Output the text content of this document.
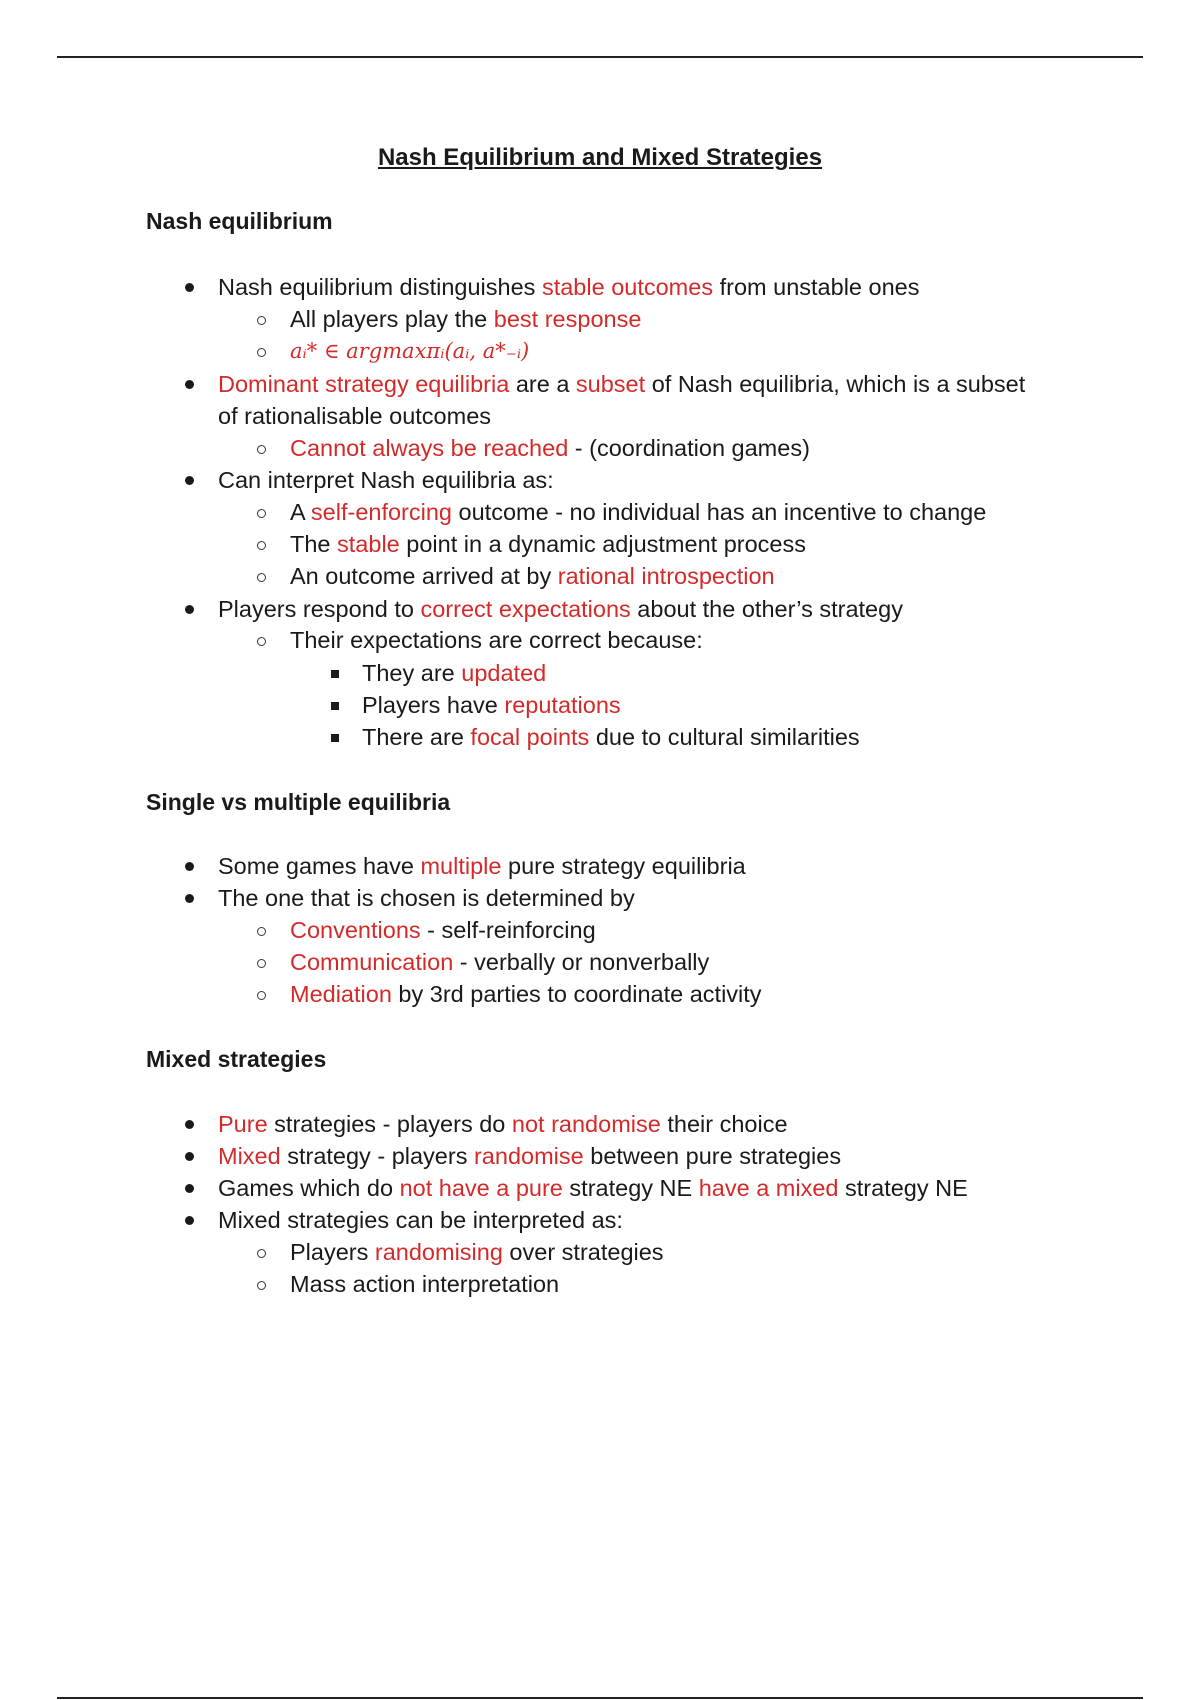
Nash Equilibrium and Mixed Strategies
Nash equilibrium
Nash equilibrium distinguishes stable outcomes from unstable ones
All players play the best response
aᵢ* ∈ argmaxπᵢ(aᵢ, a*₋ᵢ)
Dominant strategy equilibria are a subset of Nash equilibria, which is a subset
of rationalisable outcomes
Cannot always be reached - (coordination games)
Can interpret Nash equilibria as:
A self-enforcing outcome - no individual has an incentive to change
The stable point in a dynamic adjustment process
An outcome arrived at by rational introspection
Players respond to correct expectations about the other’s strategy
Their expectations are correct because:
They are updated
Players have reputations
There are focal points due to cultural similarities
Single vs multiple equilibria
Some games have multiple pure strategy equilibria
The one that is chosen is determined by
Conventions - self-reinforcing
Communication - verbally or nonverbally
Mediation by 3rd parties to coordinate activity
Mixed strategies
Pure strategies - players do not randomise their choice
Mixed strategy - players randomise between pure strategies
Games which do not have a pure strategy NE have a mixed strategy NE
Mixed strategies can be interpreted as:
Players randomising over strategies
Mass action interpretation
